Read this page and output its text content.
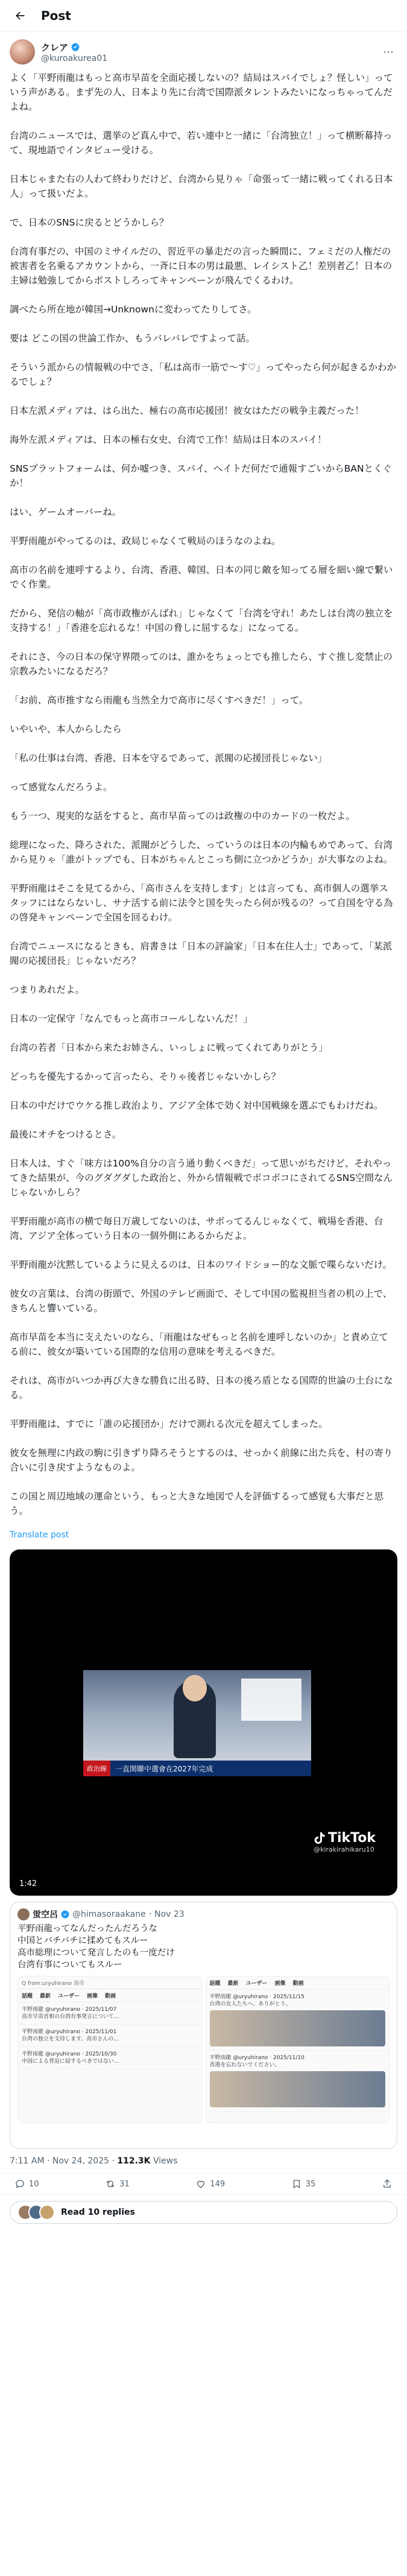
Post
クレア
@kuroakurea01	⋯

よく「平野雨龍はもっと高市早苗を全面応援しないの？結局はスパイでしょ？怪しい」っていう声がある。まず先の人、日本より先に台湾で国際派タレントみたいになっちゃってんだよね。

台湾のニュースでは、選挙のど真ん中で、若い連中と一緒に「台湾独立！」って横断幕持って、現地語でインタビュー受ける。

日本じゃまた右の人わて終わりだけど、台湾から見りゃ「命張って一緒に戦ってくれる日本人」って扱いだよ。

で、日本のSNSに戻るとどうかしら？

台湾有事だの、中国のミサイルだの、習近平の暴走だの言った瞬間に、フェミだの人権だの被害者を名乗るアカウントから、一斉に日本の男は最悪、レイシスト乙！差別者乙！日本の主婦は勉強してからポストしろってキャンペーンが飛んでくるわけ。

調べたら所在地が韓国→Unknownに変わってたりしてさ。

要は どこの国の世論工作か、もうバレバレですよって話。

そういう派からの情報戦の中でさ、「私は高市一筋で〜す♡」ってやったら何が起きるかわかるでしょ？

日本左派メディアは、はら出た、極右の高市応援団！彼女はただの戦争主義だった！

海外左派メディアは、日本の極右女史、台湾で工作！結局は日本のスパイ！

SNSプラットフォームは、何か嘘つき、スパイ、ヘイトだ何だで通報すごいからBANとくぐか！

はい、ゲームオーバーね。

平野雨龍がやってるのは、政局じゃなくて戦局のほうなのよね。

高市の名前を連呼するより、台湾、香港、韓国、日本の同じ敵を知ってる層を細い線で繋いでく作業。

だから、発信の軸が「高市政権がんばれ」じゃなくて「台湾を守れ！あたしは台湾の独立を支持する！」「香港を忘れるな！中国の脅しに屈するな」になってる。

それにさ、今の日本の保守界隈ってのは、誰かをちょっとでも推したら、すぐ推し変禁止の宗教みたいになるだろ？

「お前、高市推すなら雨龍も当然全力で高市に尽くすべきだ！」って。

いやいや、本人からしたら

「私の仕事は台湾、香港、日本を守るであって、派閥の応援団長じゃない」

って感覚なんだろうよ。

もう一つ、現実的な話をすると、高市早苗ってのは政権の中のカードの一枚だよ。

総理になった、降ろされた、派閥がどうした、っていうのは日本の内輪もめであって、台湾から見りゃ「誰がトップでも、日本がちゃんとこっち側に立つかどうか」が大事なのよね。

平野雨龍はそこを見てるから、「高市さんを支持します」とは言っても、高市個人の選挙スタッフにはならないし、サナ活する前に法令と国を失ったら何が残るの？って自国を守る為の啓発キャンペーンで全国を回るわけ。

台湾でニュースになるときも、肩書きは「日本の評論家」「日本在住人士」であって、「某派閥の応援団長」じゃないだろ？

つまりあれだよ。

日本の一定保守「なんでもっと高市コールしないんだ！」

台湾の若者「日本から来たお姉さん、いっしょに戦ってくれてありがとう」

どっちを優先するかって言ったら、そりゃ後者じゃないかしら？

日本の中だけでウケる推し政治より、アジア全体で効く対中国戦線を選ぶでもわけだね。

最後にオチをつけるとさ。

日本人は、すぐ「味方は100%自分の言う通り動くべきだ」って思いがちだけど、それやってきた結果が、今のグダグダした政治と、外から情報戦でボコボコにされてるSNS空間なんじゃないかしら？

平野雨龍が高市の横で毎日万歳してないのは、サボってるんじゃなくて、戦場を香港、台湾、アジア全体っていう日本の一個外側にあるからだよ。

平野雨龍が沈黙しているように見えるのは、日本のワイドショー的な文脈で喋らないだけ。

彼女の言葉は、台湾の街頭で、外国のテレビ画面で、そして中国の監視担当者の机の上で、きちんと響いている。

高市早苗を本当に支えたいのなら、「雨龍はなぜもっと名前を連呼しないのか」と責め立てる前に、彼女が築いている国際的な信用の意味を考えるべきだ。

それは、高市がいつか再び大きな勝負に出る時、日本の後ろ盾となる国際的世論の土台になる。

平野雨龍は、すでに「誰の応援団か」だけで測れる次元を超えてしまった。

彼女を無理に内政の駒に引きずり降ろそうとするのは、せっかく前線に出た兵を、村の寄り合いに引き戻すようなものよ。

この国と周辺地域の運命という、もっと大きな地図で人を評価するって感覚も大事だと思う。

Translate post
政治線	一直関聯中選會在2027年完成
TikTok
@kirakirahikaru10
1:42
蛍空呂 @himasoraakane · Nov 23
平野雨龍ってなんだったんだろうな
中国とバチバチに揉めてもスルー
高市総理について発言したのも一度だけ
台湾有事についてもスルー
Q from:uryuhirano 高市
話題 最新 ユーザー 画像 動画
平野雨龍 @uryuhirano · 2025/11/07
高市早苗首相の台湾有事発言について…
平野雨龍 @uryuhirano · 2025/11/01
台湾の独立を支持します。高市さんの…
平野雨龍 @uryuhirano · 2025/10/30
中国による脅迫に屈するべきではない…
話題 最新 ユーザー 画像 動画
平野雨龍 @uryuhirano · 2025/11/15
台湾の友人たちへ、ありがとう。
平野雨龍 @uryuhirano · 2025/11/10
香港を忘れないでください。
7:11 AM · Nov 24, 2025 · 112.3K Views
10	31	149	35
Read 10 replies
